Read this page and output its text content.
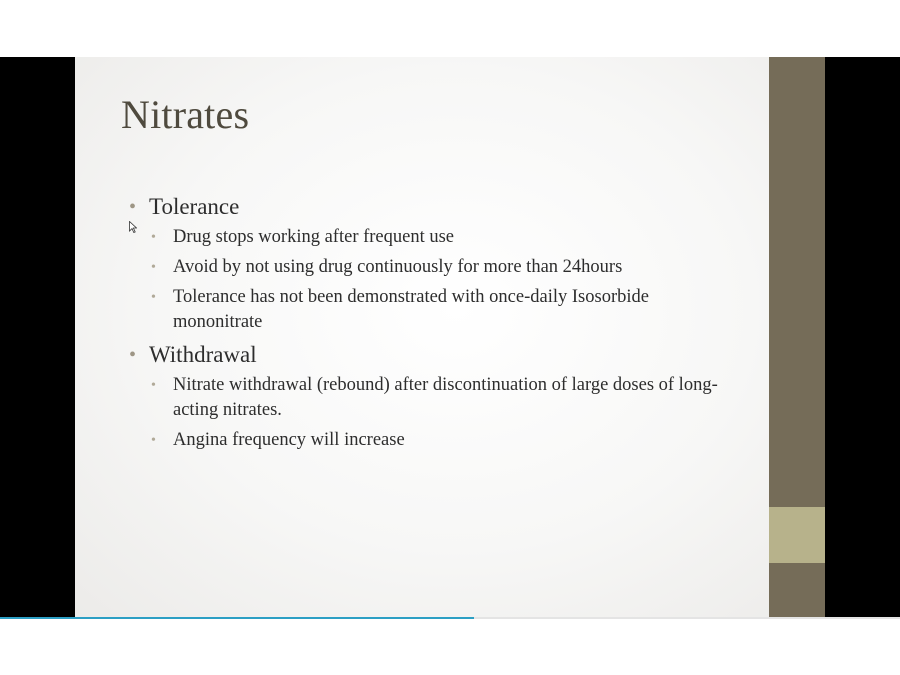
Nitrates
• Tolerance
• Drug stops working after frequent use
• Avoid by not using drug continuously for more than 24hours
• Tolerance has not been demonstrated with once-daily Isosorbide mononitrate
• Withdrawal
• Nitrate withdrawal (rebound) after discontinuation of large doses of long-acting nitrates.
• Angina frequency will increase
